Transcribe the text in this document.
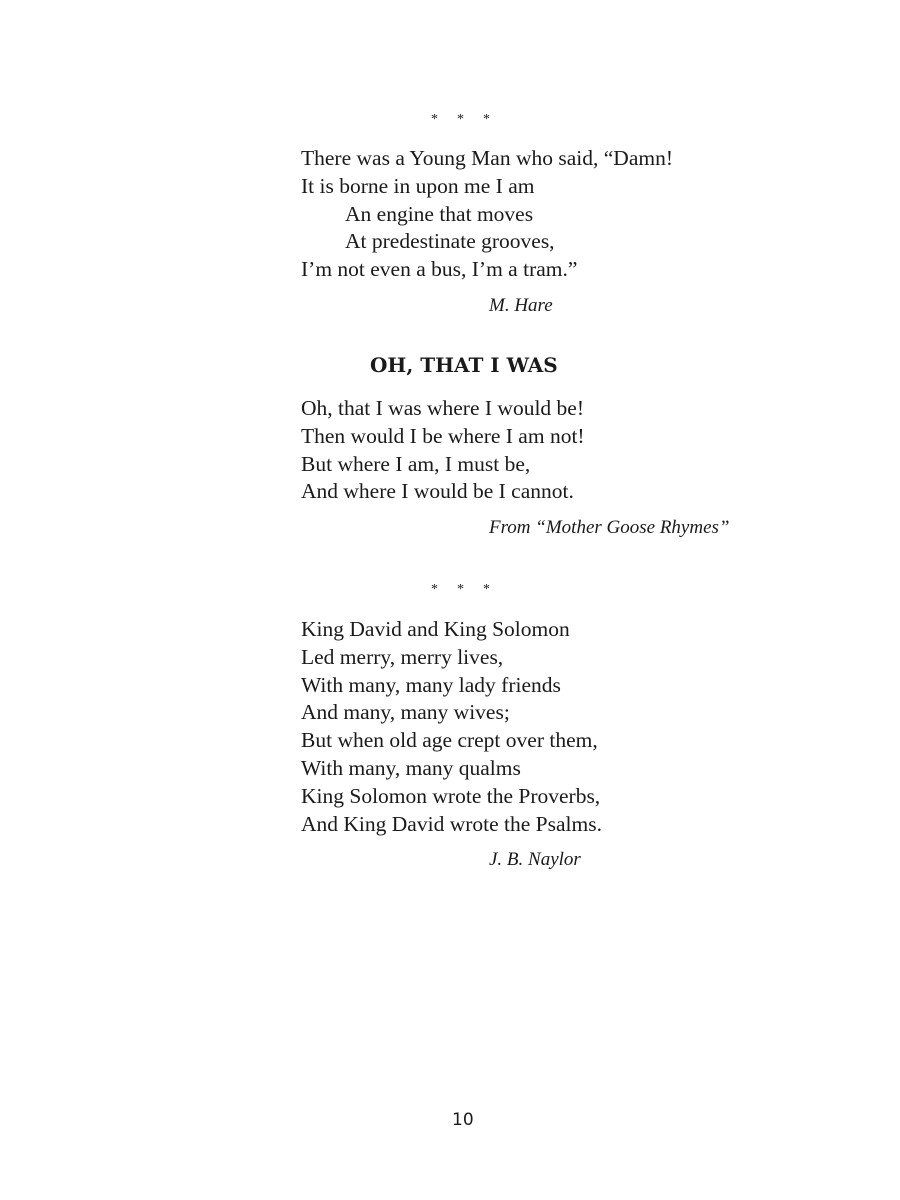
* * *
There was a Young Man who said, “Damn!
It is borne in upon me I am
An engine that moves
At predestinate grooves,
I’m not even a bus, I’m a tram.”
M. Hare
OH, THAT I WAS
Oh, that I was where I would be!
Then would I be where I am not!
But where I am, I must be,
And where I would be I cannot.
From “Mother Goose Rhymes”
* * *
King David and King Solomon
Led merry, merry lives,
With many, many lady friends
And many, many wives;
But when old age crept over them,
With many, many qualms
King Solomon wrote the Proverbs,
And King David wrote the Psalms.
J. B. Naylor
10
